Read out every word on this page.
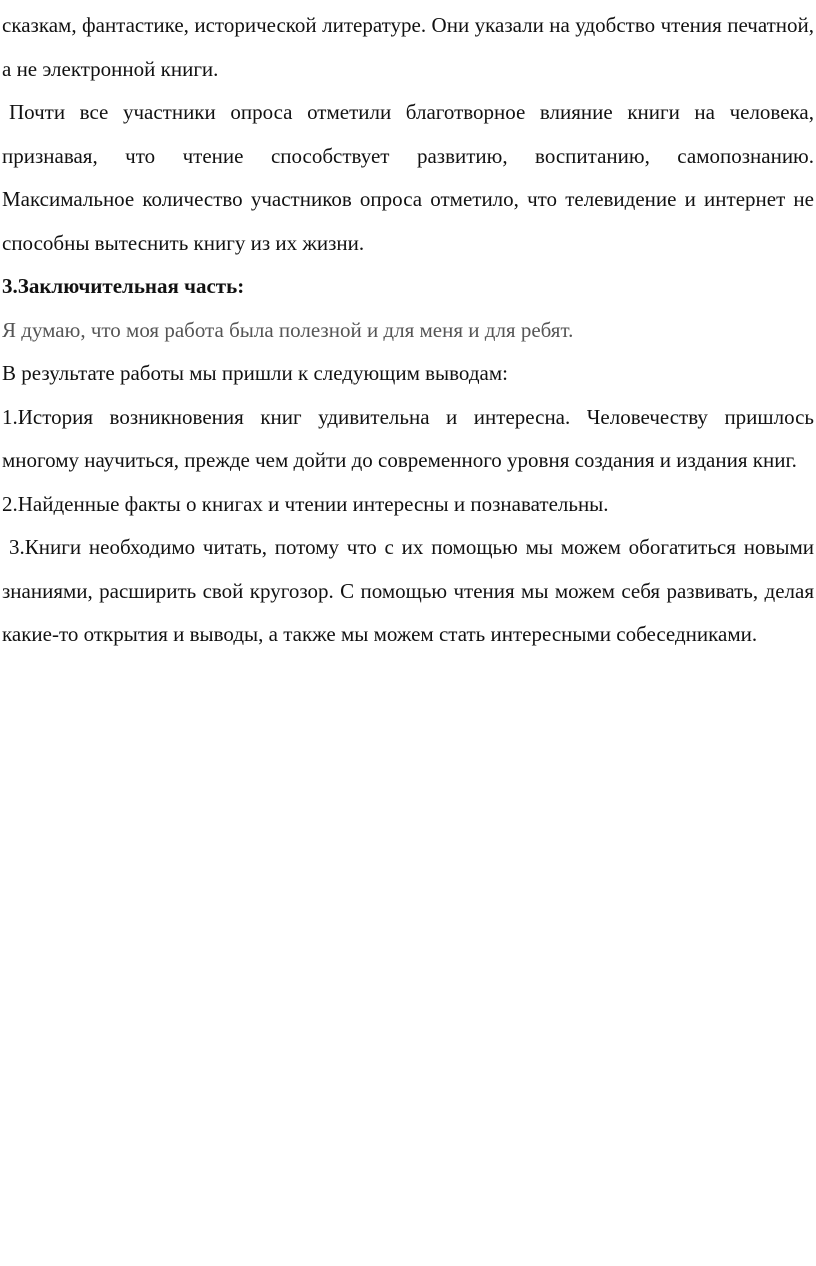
сказкам, фантастике, исторической литературе. Они указали на удобство чтения печатной, а не электронной книги.

Почти все участники опроса отметили благотворное влияние книги на человека, признавая, что чтение способствует развитию, воспитанию, самопознанию. Максимальное количество участников опроса отметило, что телевидение и интернет не способны вытеснить книгу из их жизни.

3.Заключительная часть:

Я думаю, что моя работа была полезной и для меня и для ребят.

В результате работы мы пришли к следующим выводам:

1.История возникновения книг удивительна и интересна. Человечеству пришлось многому научиться, прежде чем дойти до современного уровня создания и издания книг.

2.Найденные факты о книгах и чтении интересны и познавательны.

3.Книги необходимо читать, потому что с их помощью мы можем обогатиться новыми знаниями, расширить свой кругозор. С помощью чтения мы можем себя развивать, делая какие-то открытия и выводы, а также мы можем стать интересными собеседниками.
